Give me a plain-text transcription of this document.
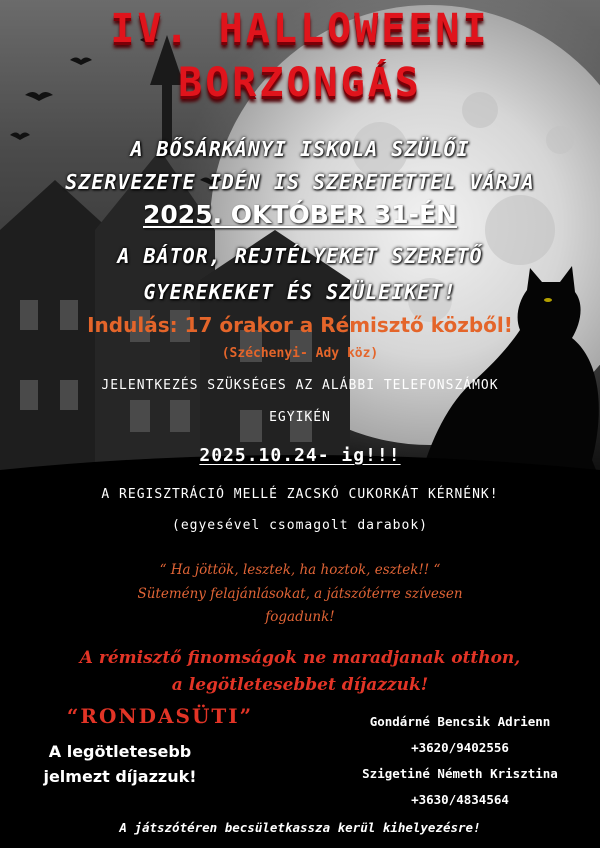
IV. HALLOWEENI
BORZONGÁS
A BŐSÁRKÁNYI ISKOLA SZÜLŐI
SZERVEZETE IDÉN IS SZERETETTEL VÁRJA
2025. OKTÓBER 31-ÉN
A BÁTOR, REJTÉLYEKET SZERETŐ
GYEREKEKET ÉS SZÜLEIKET!
Indulás: 17 órakor a Rémisztő közből!
(Széchenyi- Ady köz)
JELENTKEZÉS SZÜKSÉGES AZ ALÁBBI TELEFONSZÁMOK
EGYIKÉN
2025.10.24- ig!!!
A REGISZTRÁCIÓ MELLÉ ZACSKÓ CUKORKÁT KÉRNÉNK!
(egyesével csomagolt darabok)
“ Ha jöttök, lesztek, ha hoztok, esztek!! “
Sütemény felajánlásokat, a játszótérre szívesen
fogadunk!
A rémisztő finomságok ne maradjanak otthon,
a legötletesebbet díjazzuk!
“RONDASÜTI”
A legötletesebb
jelmezt díjazzuk!
Gondárné Bencsik Adrienn
+3620/9402556
Szigetiné Németh Krisztina
+3630/4834564
A játszótéren becsületkassza kerül kihelyezésre!
